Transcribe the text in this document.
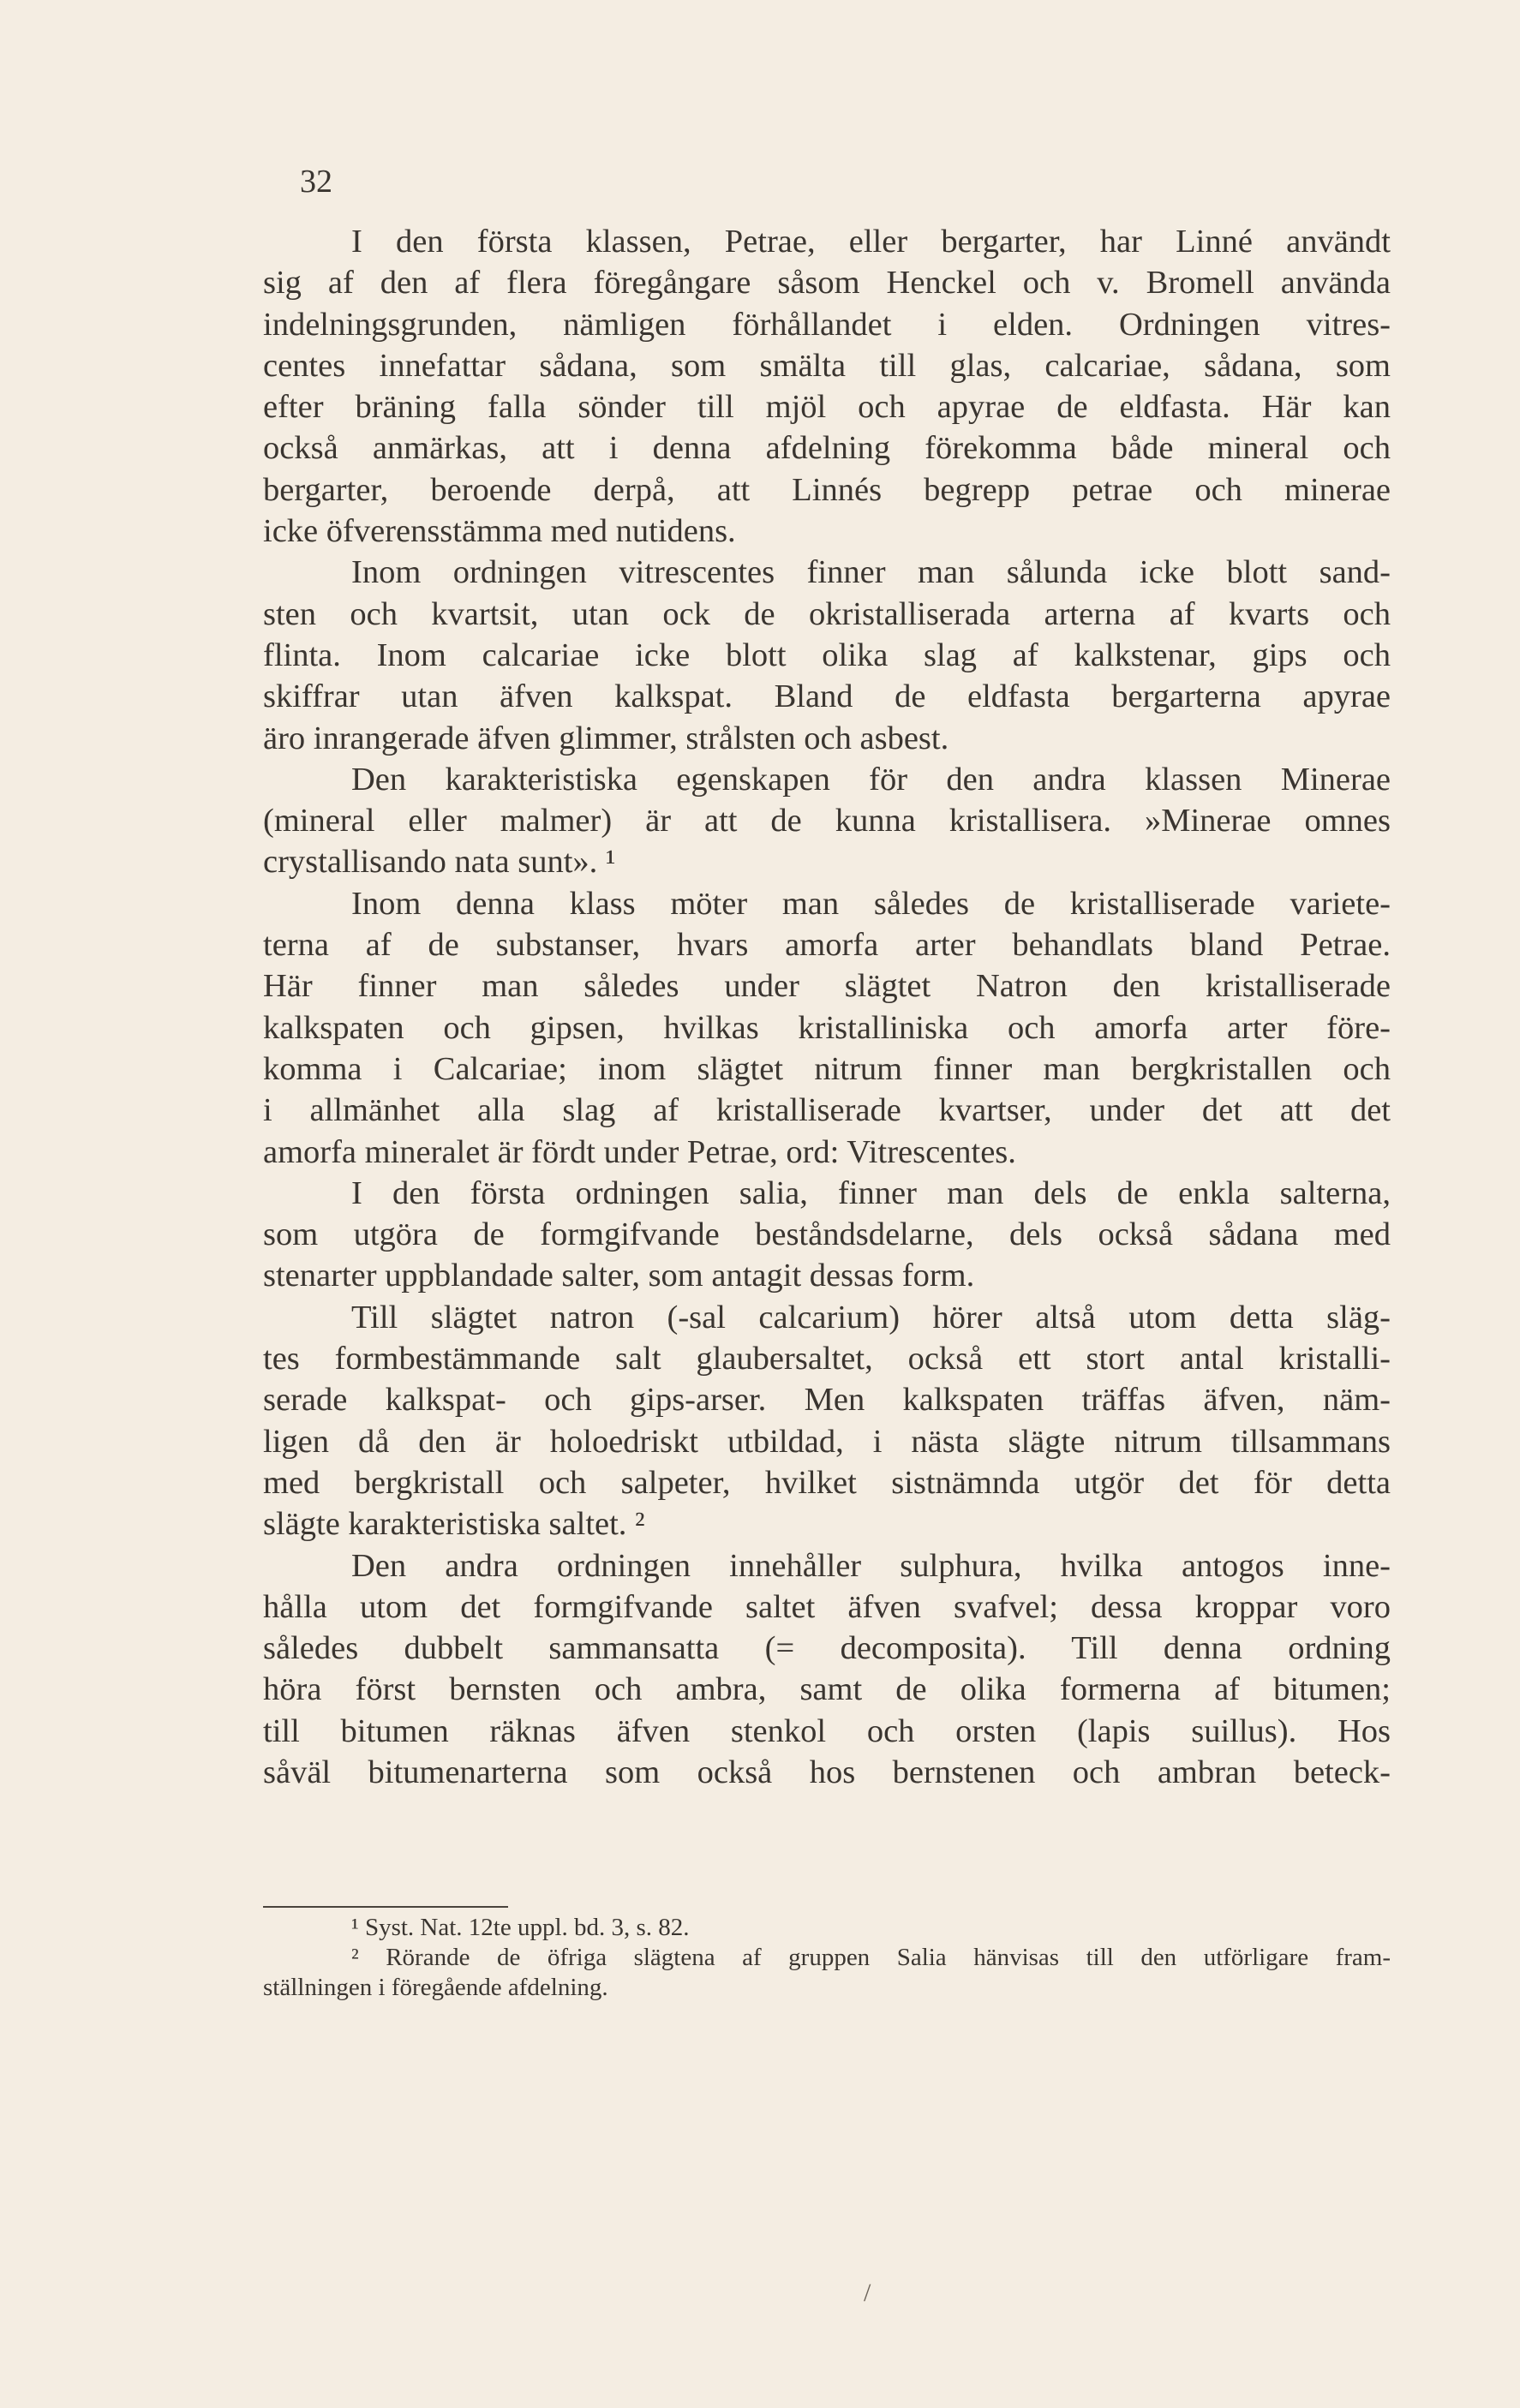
32
I den första klassen, Petrae, eller bergarter, har Linné användt
sig af den af flera föregångare såsom Henckel och v. Bromell använda
indelningsgrunden, nämligen förhållandet i elden. Ordningen vitres-
centes innefattar sådana, som smälta till glas, calcariae, sådana, som
efter bräning falla sönder till mjöl och apyrae de eldfasta. Här kan
också anmärkas, att i denna afdelning förekomma både mineral och
bergarter, beroende derpå, att Linnés begrepp petrae och minerae
icke öfverensstämma med nutidens.
Inom ordningen vitrescentes finner man sålunda icke blott sand-
sten och kvartsit, utan ock de okristalliserada arterna af kvarts och
flinta. Inom calcariae icke blott olika slag af kalkstenar, gips och
skiffrar utan äfven kalkspat. Bland de eldfasta bergarterna apyrae
äro inrangerade äfven glimmer, strålsten och asbest.
Den karakteristiska egenskapen för den andra klassen Minerae
(mineral eller malmer) är att de kunna kristallisera. »Minerae omnes
crystallisando nata sunt». ¹
Inom denna klass möter man således de kristalliserade variete-
terna af de substanser, hvars amorfa arter behandlats bland Petrae.
Här finner man således under slägtet Natron den kristalliserade
kalkspaten och gipsen, hvilkas kristalliniska och amorfa arter före-
komma i Calcariae; inom slägtet nitrum finner man bergkristallen och
i allmänhet alla slag af kristalliserade kvartser, under det att det
amorfa mineralet är fördt under Petrae, ord: Vitrescentes.
I den första ordningen salia, finner man dels de enkla salterna,
som utgöra de formgifvande beståndsdelarne, dels också sådana med
stenarter uppblandade salter, som antagit dessas form.
Till slägtet natron (-sal calcarium) hörer altså utom detta släg-
tes formbestämmande salt glaubersaltet, också ett stort antal kristalli-
serade kalkspat- och gips-arser. Men kalkspaten träffas äfven, näm-
ligen då den är holoedriskt utbildad, i nästa slägte nitrum tillsammans
med bergkristall och salpeter, hvilket sistnämnda utgör det för detta
slägte karakteristiska saltet. ²
Den andra ordningen innehåller sulphura, hvilka antogos inne-
hålla utom det formgifvande saltet äfven svafvel; dessa kroppar voro
således dubbelt sammansatta (= decomposita). Till denna ordning
höra först bernsten och ambra, samt de olika formerna af bitumen;
till bitumen räknas äfven stenkol och orsten (lapis suillus). Hos
såväl bitumenarterna som också hos bernstenen och ambran beteck-
¹ Syst. Nat. 12te uppl. bd. 3, s. 82.
² Rörande de öfriga slägtena af gruppen Salia hänvisas till den utförligare fram-
ställningen i föregående afdelning.
/
